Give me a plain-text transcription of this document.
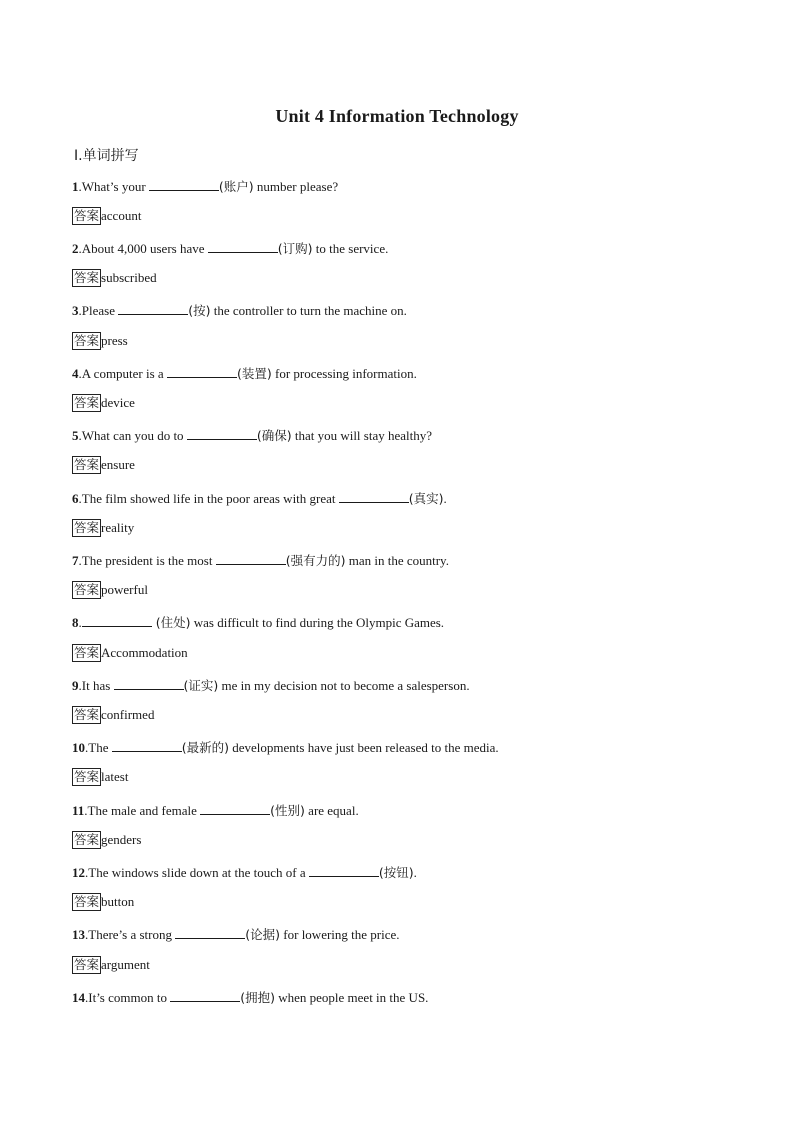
Unit 4 Information Technology
Ⅰ.单词拼写
1.What’s your	(账户) number please?
答案 account
2.About 4,000 users have	(订购) to the service.
答案 subscribed
3.Please	(按) the controller to turn the machine on.
答案 press
4.A computer is a	(装置) for processing information.
答案 device
5.What can you do to	(确保) that you will stay healthy?
答案 ensure
6.The film showed life in the poor areas with great	(真实).
答案 reality
7.The president is the most	(强有力的) man in the country.
答案 powerful
8.	(住处) was difficult to find during the Olympic Games.
答案 Accommodation
9.It has	(证实) me in my decision not to become a salesperson.
答案 confirmed
10.The	(最新的) developments have just been released to the media.
答案 latest
11.The male and female	(性别) are equal.
答案 genders
12.The windows slide down at the touch of a	(按钮).
答案 button
13.There’s a strong	(论据) for lowering the price.
答案 argument
14.It’s common to	(拥抱) when people meet in the US.
